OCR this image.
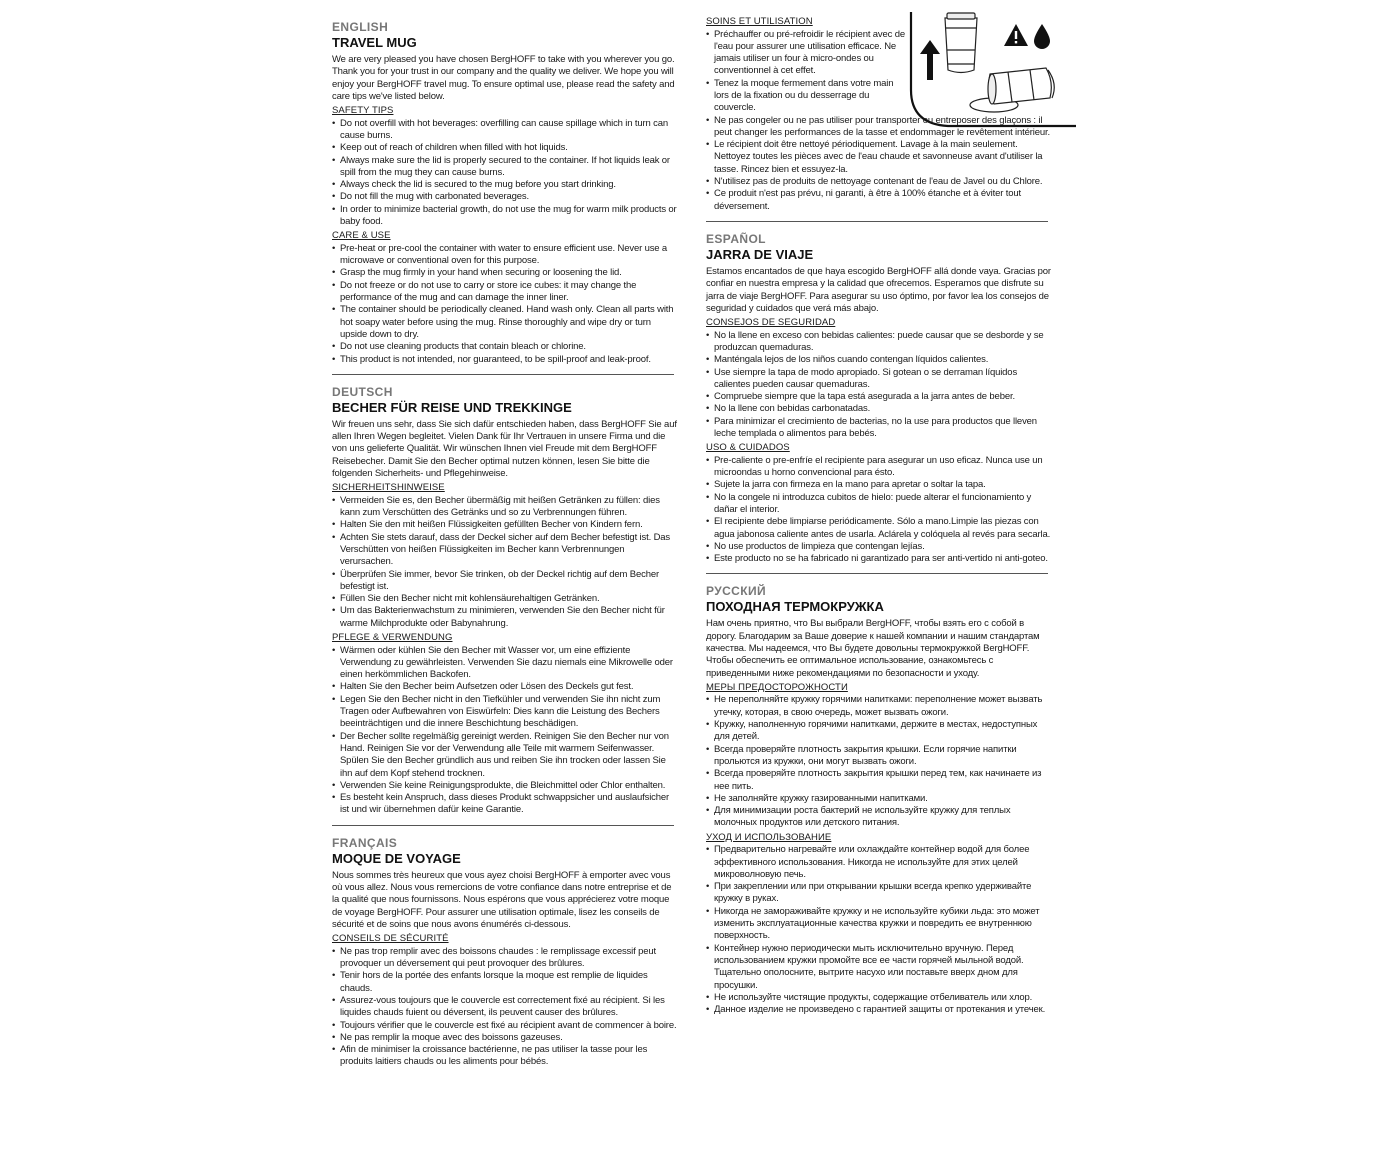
ENGLISH

TRAVEL MUG

We are very pleased you have chosen BergHOFF to take with you wherever you go. Thank you for your trust in our company and the quality we deliver. We hope you will enjoy your BergHOFF travel mug. To ensure optimal use, please read the safety and care tips we've listed below.

SAFETY TIPS

• Do not overfill with hot beverages: overfilling can cause spillage which in turn can cause burns.
• Keep out of reach of children when filled with hot liquids.
• Always make sure the lid is properly secured to the container. If hot liquids leak or spill from the mug they can cause burns.
• Always check the lid is secured to the mug before you start drinking.
• Do not fill the mug with carbonated beverages.
• In order to minimize bacterial growth, do not use the mug for warm milk products or baby food.

CARE & USE

• Pre-heat or pre-cool the container with water to ensure efficient use. Never use a microwave or conventional oven for this purpose.
• Grasp the mug firmly in your hand when securing or loosening the lid.
• Do not freeze or do not use to carry or store ice cubes: it may change the performance of the mug and can damage the inner liner.
• The container should be periodically cleaned. Hand wash only. Clean all parts with hot soapy water before using the mug. Rinse thoroughly and wipe dry or turn upside down to dry.
• Do not use cleaning products that contain bleach or chlorine.
• This product is not intended, nor guaranteed, to be spill-proof and leak-proof.

DEUTSCH

BECHER FÜR REISE UND TREKKINGE

Wir freuen uns sehr, dass Sie sich dafür entschieden haben, dass BergHOFF Sie auf allen Ihren Wegen begleitet. Vielen Dank für Ihr Vertrauen in unsere Firma und die von uns gelieferte Qualität. Wir wünschen Ihnen viel Freude mit dem BergHOFF Reisebecher. Damit Sie den Becher optimal nutzen können, lesen Sie bitte die folgenden Sicherheits- und Pflegehinweise.

SICHERHEITSHINWEISE

• Vermeiden Sie es, den Becher übermäßig mit heißen Getränken zu füllen: dies kann zum Verschütten des Getränks und so zu Verbrennungen führen.
• Halten Sie den mit heißen Flüssigkeiten gefüllten Becher von Kindern fern.
• Achten Sie stets darauf, dass der Deckel sicher auf dem Becher befestigt ist. Das Verschütten von heißen Flüssigkeiten im Becher kann Verbrennungen verursachen.
• Überprüfen Sie immer, bevor Sie trinken, ob der Deckel richtig auf dem Becher befestigt ist.
• Füllen Sie den Becher nicht mit kohlensäurehaltigen Getränken.
• Um das Bakterienwachstum zu minimieren, verwenden Sie den Becher nicht für warme Milchprodukte oder Babynahrung.

PFLEGE & VERWENDUNG

• Wärmen oder kühlen Sie den Becher mit Wasser vor, um eine effiziente Verwendung zu gewährleisten. Verwenden Sie dazu niemals eine Mikrowelle oder einen herkömmlichen Backofen.
• Halten Sie den Becher beim Aufsetzen oder Lösen des Deckels gut fest.
• Legen Sie den Becher nicht in den Tiefkühler und verwenden Sie ihn nicht zum Tragen oder Aufbewahren von Eiswürfeln: Dies kann die Leistung des Bechers beeinträchtigen und die innere Beschichtung beschädigen.
• Der Becher sollte regelmäßig gereinigt werden. Reinigen Sie den Becher nur von Hand. Reinigen Sie vor der Verwendung alle Teile mit warmem Seifenwasser. Spülen Sie den Becher gründlich aus und reiben Sie ihn trocken oder lassen Sie ihn auf dem Kopf stehend trocknen.
• Verwenden Sie keine Reinigungsprodukte, die Bleichmittel oder Chlor enthalten.
• Es besteht kein Anspruch, dass dieses Produkt schwappsicher und auslaufsicher ist und wir übernehmen dafür keine Garantie.

FRANÇAIS

MOQUE DE VOYAGE

Nous sommes très heureux que vous ayez choisi BergHOFF à emporter avec vous où vous allez. Nous vous remercions de votre confiance dans notre entreprise et de la qualité que nous fournissons. Nous espérons que vous apprécierez votre moque de voyage BergHOFF. Pour assurer une utilisation optimale, lisez les conseils de sécurité et de soins que nous avons énumérés ci-dessous.

CONSEILS DE SÉCURITÉ

• Ne pas trop remplir avec des boissons chaudes : le remplissage excessif peut provoquer un déversement qui peut provoquer des brûlures.
• Tenir hors de la portée des enfants lorsque la moque est remplie de liquides chauds.
• Assurez-vous toujours que le couvercle est correctement fixé au récipient. Si les liquides chauds fuient ou déversent, ils peuvent causer des brûlures.
• Toujours vérifier que le couvercle est fixé au récipient avant de commencer à boire.
• Ne pas remplir la moque avec des boissons gazeuses.
• Afin de minimiser la croissance bactérienne, ne pas utiliser la tasse pour les produits laitiers chauds ou les aliments pour bébés.

SOINS ET UTILISATION

• Préchauffer ou pré-refroidir le récipient avec de l'eau pour assurer une utilisation efficace. Ne jamais utiliser un four à micro-ondes ou conventionnel à cet effet.
• Tenez la moque fermement dans votre main lors de la fixation ou du desserrage du couvercle.
• Ne pas congeler ou ne pas utiliser pour transporter ou entreposer des glaçons : il peut changer les performances de la tasse et endommager le revêtement intérieur.
• Le récipient doit être nettoyé périodiquement. Lavage à la main seulement. Nettoyez toutes les pièces avec de l'eau chaude et savonneuse avant d'utiliser la tasse. Rincez bien et essuyez-la.
• N'utilisez pas de produits de nettoyage contenant de l'eau de Javel ou du Chlore.
• Ce produit n'est pas prévu, ni garanti, à être à 100% étanche et à éviter tout déversement.

ESPAÑOL

JARRA DE VIAJE

Estamos encantados de que haya escogido BergHOFF allá donde vaya. Gracias por confiar en nuestra empresa y la calidad que ofrecemos. Esperamos que disfrute su jarra de viaje BergHOFF. Para asegurar su uso óptimo, por favor lea los consejos de seguridad y cuidados que verá más abajo.

CONSEJOS DE SEGURIDAD

• No la llene en exceso con bebidas calientes: puede causar que se desborde y se produzcan quemaduras.
• Manténgala lejos de los niños cuando contengan líquidos calientes.
• Use siempre la tapa de modo apropiado. Si gotean o se derraman líquidos calientes pueden causar quemaduras.
• Compruebe siempre que la tapa está asegurada a la jarra antes de beber.
• No la llene con bebidas carbonatadas.
• Para minimizar el crecimiento de bacterias, no la use para productos que lleven leche templada o alimentos para bebés.

USO & CUIDADOS

• Pre-caliente o pre-enfríe el recipiente para asegurar un uso eficaz. Nunca use un microondas u horno convencional para ésto.
• Sujete la jarra con firmeza en la mano para apretar o soltar la tapa.
• No la congele ni introduzca cubitos de hielo: puede alterar el funcionamiento y dañar el interior.
• El recipiente debe limpiarse periódicamente. Sólo a mano.Limpie las piezas con agua jabonosa caliente antes de usarla. Aclárela y colóquela al revés para secarla.
• No use productos de limpieza que contengan lejías.
• Este producto no se ha fabricado ni garantizado para ser anti-vertido ni anti-goteo.

РУССКИЙ

ПОХОДНАЯ ТЕРМОКРУЖКА

Нам очень приятно, что Вы выбрали BergHOFF, чтобы взять его с собой в дорогу. Благодарим за Ваше доверие к нашей компании и нашим стандартам качества. Мы надеемся, что Вы будете довольны термокружкой BergHOFF. Чтобы обеспечить ее оптимальное использование, ознакомьтесь с приведенными ниже рекомендациями по безопасности и уходу.

МЕРЫ ПРЕДОСТОРОЖНОСТИ

• Не переполняйте кружку горячими напитками: переполнение может вызвать утечку, которая, в свою очередь, может вызвать ожоги.
• Кружку, наполненную горячими напитками, держите в местах, недоступных для детей.
• Всегда проверяйте плотность закрытия крышки. Если горячие напитки прольются из кружки, они могут вызвать ожоги.
• Всегда проверяйте плотность закрытия крышки перед тем, как начинаете из нее пить.
• Не заполняйте кружку газированными напитками.
• Для минимизации роста бактерий не используйте кружку для теплых молочных продуктов или детского питания.

УХОД И ИСПОЛЬЗОВАНИЕ

• Предварительно нагревайте или охлаждайте контейнер водой для более эффективного использования. Никогда не используйте для этих целей микроволновую печь.
• При закреплении или при открывании крышки всегда крепко удерживайте кружку в руках.
• Никогда не замораживайте кружку и не используйте кубики льда: это может изменить эксплуатационные качества кружки и повредить ее внутреннюю поверхность.
• Контейнер нужно периодически мыть исключительно вручную. Перед использованием кружки промойте все ее части горячей мыльной водой. Тщательно ополосните, вытрите насухо или поставьте вверх дном для просушки.
• Не используйте чистящие продукты, содержащие отбеливатель или хлор.
• Данное изделие не произведено с гарантией защиты от протекания и утечек.
